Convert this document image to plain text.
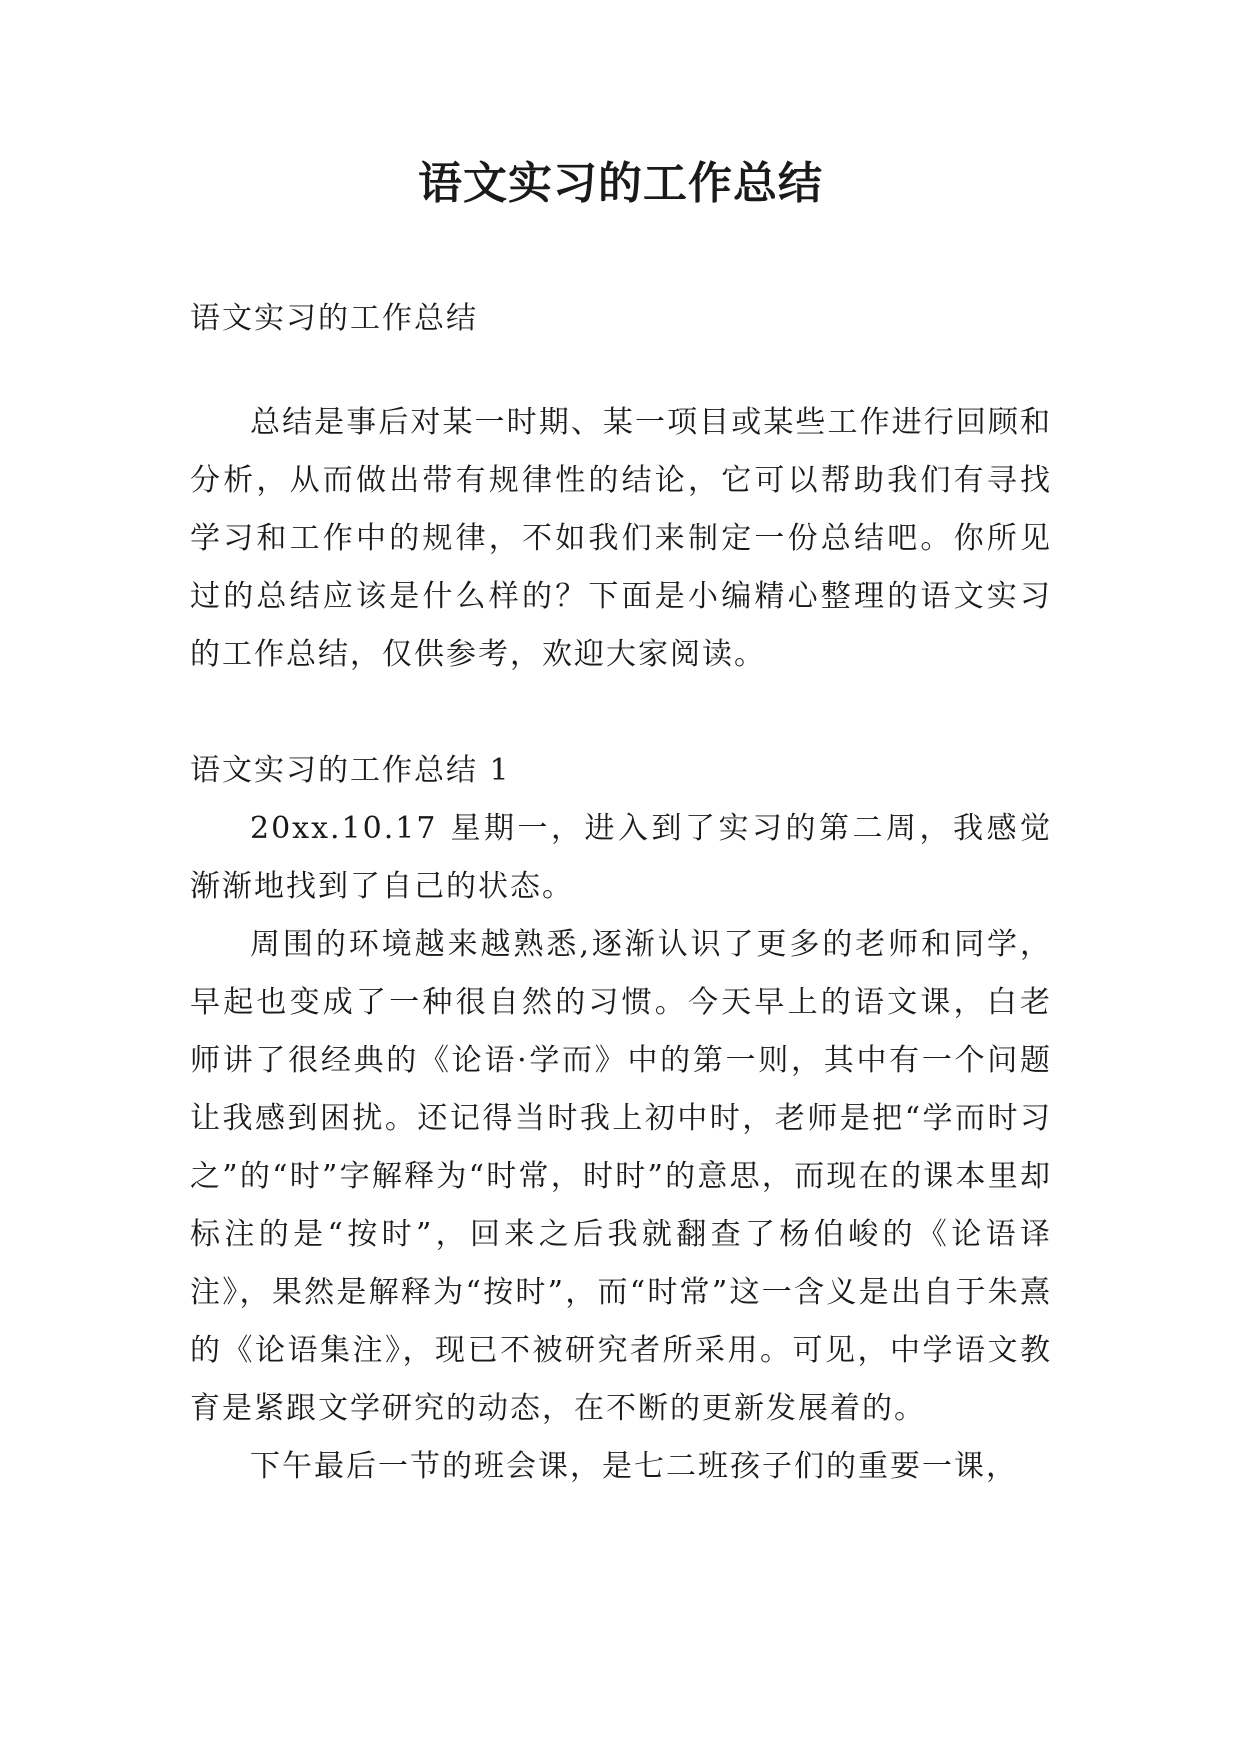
语文实习的工作总结

语文实习的工作总结

总结是事后对某一时期、某一项目或某些工作进行回顾和分析，从而做出带有规律性的结论，它可以帮助我们有寻找学习和工作中的规律，不如我们来制定一份总结吧。你所见过的总结应该是什么样的？下面是小编精心整理的语文实习的工作总结，仅供参考，欢迎大家阅读。

语文实习的工作总结 1

20xx.10.17 星期一，进入到了实习的第二周，我感觉渐渐地找到了自己的状态。

周围的环境越来越熟悉,逐渐认识了更多的老师和同学，早起也变成了一种很自然的习惯。今天早上的语文课，白老师讲了很经典的《论语·学而》中的第一则，其中有一个问题让我感到困扰。还记得当时我上初中时，老师是把“学而时习之”的“时”字解释为“时常，时时”的意思，而现在的课本里却标注的是“按时”，回来之后我就翻查了杨伯峻的《论语译注》，果然是解释为“按时”，而“时常”这一含义是出自于朱熹的《论语集注》，现已不被研究者所采用。可见，中学语文教育是紧跟文学研究的动态，在不断的更新发展着的。

下午最后一节的班会课，是七二班孩子们的重要一课，
